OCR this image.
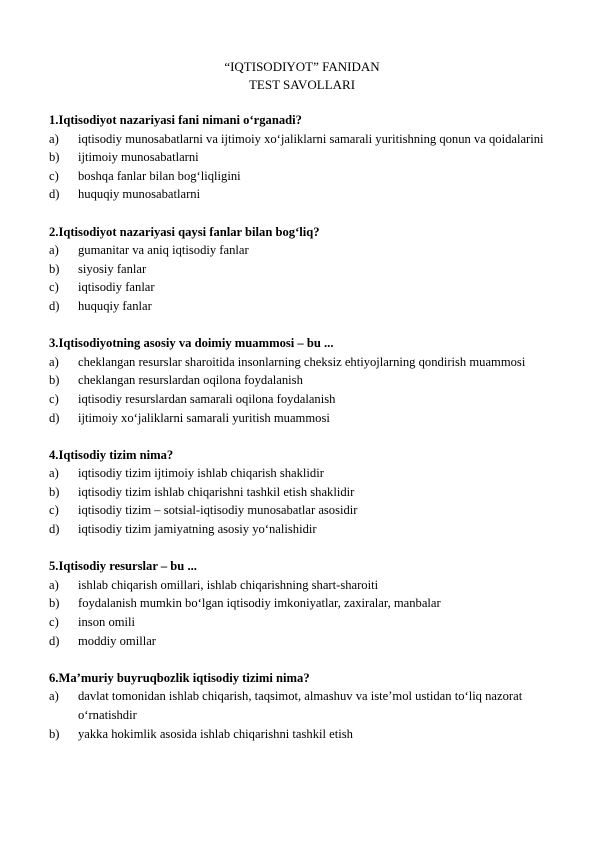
“IQTISODIYOT” FANIDAN
TEST SAVOLLARI
1.Iqtisodiyot nazariyasi fani nimani o‘rganadi?
a)	iqtisodiy munosabatlarni va ijtimoiy xo‘jaliklarni samarali yuritishning qonun va qoidalarini
b)	ijtimoiy munosabatlarni
c)	boshqa fanlar bilan bog‘liqligini
d)	huquqiy munosabatlarni
2.Iqtisodiyot nazariyasi qaysi fanlar bilan bog‘liq?
a)	gumanitar va aniq iqtisodiy fanlar
b)	siyosiy fanlar
c)	iqtisodiy fanlar
d)	huquqiy fanlar
3.Iqtisodiyotning asosiy va doimiy muammosi – bu ...
a)	cheklangan resurslar sharoitida insonlarning cheksiz ehtiyojlarning qondirish muammosi
b)	cheklangan resurslardan oqilona foydalanish
c)	iqtisodiy resurslardan samarali oqilona foydalanish
d)	ijtimoiy xo‘jaliklarni samarali yuritish muammosi
4.Iqtisodiy tizim nima?
a)	iqtisodiy tizim ijtimoiy ishlab chiqarish shaklidir
b)	iqtisodiy tizim ishlab chiqarishni tashkil etish shaklidir
c)	iqtisodiy tizim – sotsial-iqtisodiy munosabatlar asosidir
d)	iqtisodiy tizim jamiyatning asosiy yo‘nalishidir
5.Iqtisodiy resurslar – bu ...
a)	ishlab chiqarish omillari, ishlab chiqarishning shart-sharoiti
b)	foydalanish mumkin bo‘lgan iqtisodiy imkoniyatlar, zaxiralar, manbalar
c)	inson omili
d)	moddiy omillar
6.Ma’muriy buyruqbozlik iqtisodiy tizimi nima?
a)	davlat tomonidan ishlab chiqarish, taqsimot, almashuv va iste’mol ustidan to‘liq nazorat o‘rnatishdir
b)	yakka hokimlik asosida ishlab chiqarishni tashkil etish
